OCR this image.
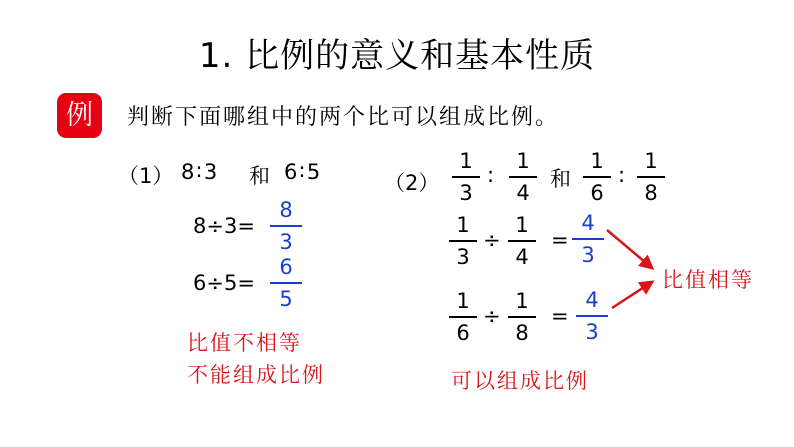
1. 比例的意义和基本性质
例	判断下面哪组中的两个比可以组成比例。
（1） 8∶3 和 6∶5
8÷3=
8
3
6÷5=
6
5
比值不相等
不能组成比例
（2）
1
3
:
1
4
和
1
6
:
1
8
1
3
÷
1
4
=
4
3
1
6
÷
1
8
=
4
3
比值相等
可以组成比例
